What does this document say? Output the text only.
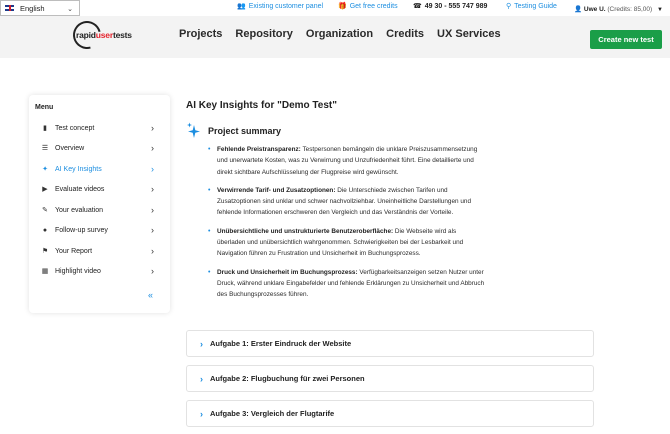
English	⌄	👥 Existing customer panel 🎁 Get free credits ☎ 49 30 - 555 747 989	⚲ Testing Guide	👤 Uwe U. (Credits: 85,00) ▼
rapidusertests	Projects Repository Organization Credits UX Services	Create new test
Menu
▮	Test concept	›
☰ Overview	›
✦ AI Key Insights	›
▶	Evaluate videos	›
✎ Your evaluation	›
●	Follow-up survey	›
⚑ Your Report	›
▦ Highlight video	›
«
AI Key Insights for "Demo Test"
Project summary
• Fehlende Preistransparenz: Testpersonen bemängeln die unklare Preiszusammensetzung und unerwartete Kosten, was zu Verwirrung und Unzufriedenheit führt. Eine detaillierte und direkt sichtbare Aufschlüsselung der Flugpreise wird gewünscht.
• Verwirrende Tarif- und Zusatzoptionen: Die Unterschiede zwischen Tarifen und Zusatzoptionen sind unklar und schwer nachvollziehbar. Uneinheitliche Darstellungen und fehlende Informationen erschweren den Vergleich und das Verständnis der Vorteile.
• Unübersichtliche und unstrukturierte Benutzeroberfläche: Die Webseite wird als überladen und unübersichtlich wahrgenommen. Schwierigkeiten bei der Lesbarkeit und Navigation führen zu Frustration und Unsicherheit im Buchungsprozess.
• Druck und Unsicherheit im Buchungsprozess: Verfügbarkeitsanzeigen setzen Nutzer unter Druck, während unklare Eingabefelder und fehlende Erklärungen zu Unsicherheit und Abbruch des Buchungsprozesses führen.
› Aufgabe 1: Erster Eindruck der Website
› Aufgabe 2: Flugbuchung für zwei Personen
› Aufgabe 3: Vergleich der Flugtarife
